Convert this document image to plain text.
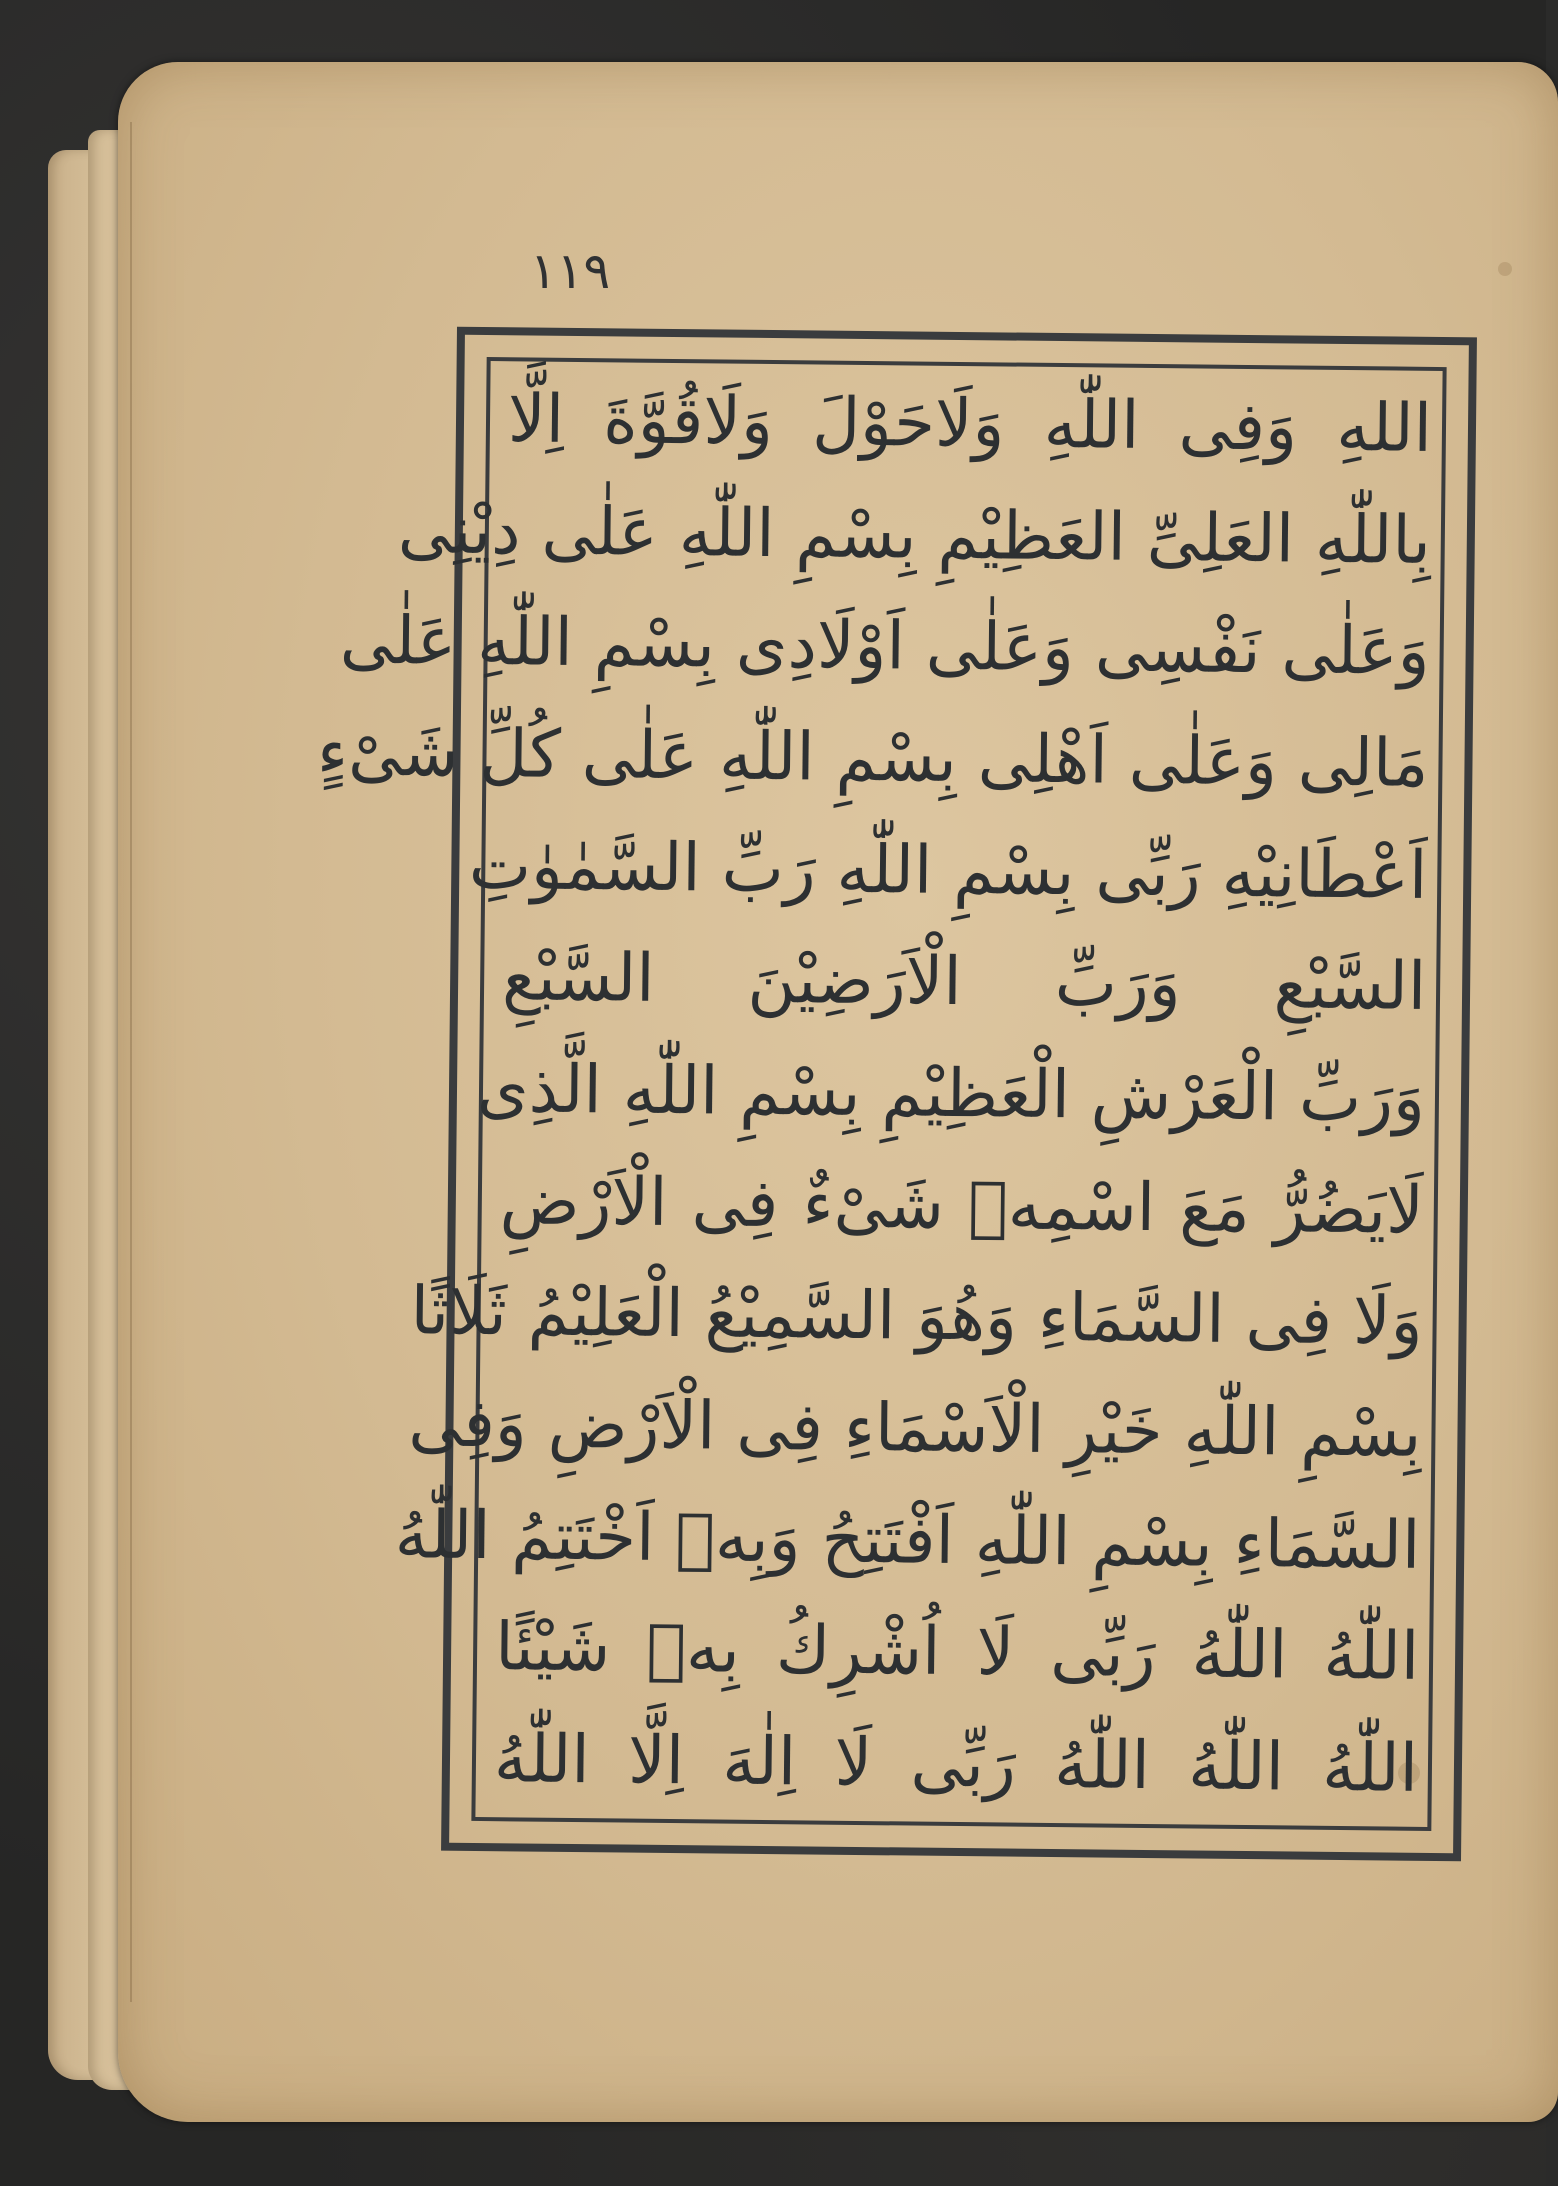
١١٩
اللهِ وَفِى اللّٰهِ وَلَاحَوْلَ وَلَاقُوَّةَ اِلَّا
بِاللّٰهِ العَلِىِّ العَظِيْمِ بِسْمِ اللّٰهِ عَلٰى دِيْنِى
وَعَلٰى نَفْسِى وَعَلٰى اَوْلَادِى بِسْمِ اللّٰهِ عَلٰى
مَالِى وَعَلٰى اَهْلِى بِسْمِ اللّٰهِ عَلٰى كُلِّ شَىْءٍ
اَعْطَانِيْهِ رَبِّى بِسْمِ اللّٰهِ رَبِّ السَّمٰوٰتِ
السَّبْعِ وَرَبِّ الْاَرَضِيْنَ السَّبْعِ
وَرَبِّ الْعَرْشِ الْعَظِيْمِ بِسْمِ اللّٰهِ الَّذِى
لَايَضُرُّ مَعَ اسْمِهٖ شَىْءٌ فِى الْاَرْضِ
وَلَا فِى السَّمَاءِ وَهُوَ السَّمِيْعُ الْعَلِيْمُ ثَلَاثًا
بِسْمِ اللّٰهِ خَيْرِ الْاَسْمَاءِ فِى الْاَرْضِ وَفِى
السَّمَاءِ بِسْمِ اللّٰهِ اَفْتَتِحُ وَبِهٖ اَخْتَتِمُ اللّٰهُ
اللّٰهُ اللّٰهُ رَبِّى لَا اُشْرِكُ بِهٖ شَيْئًا
اللّٰهُ اللّٰهُ اللّٰهُ رَبِّى لَا اِلٰهَ اِلَّا اللّٰهُ
